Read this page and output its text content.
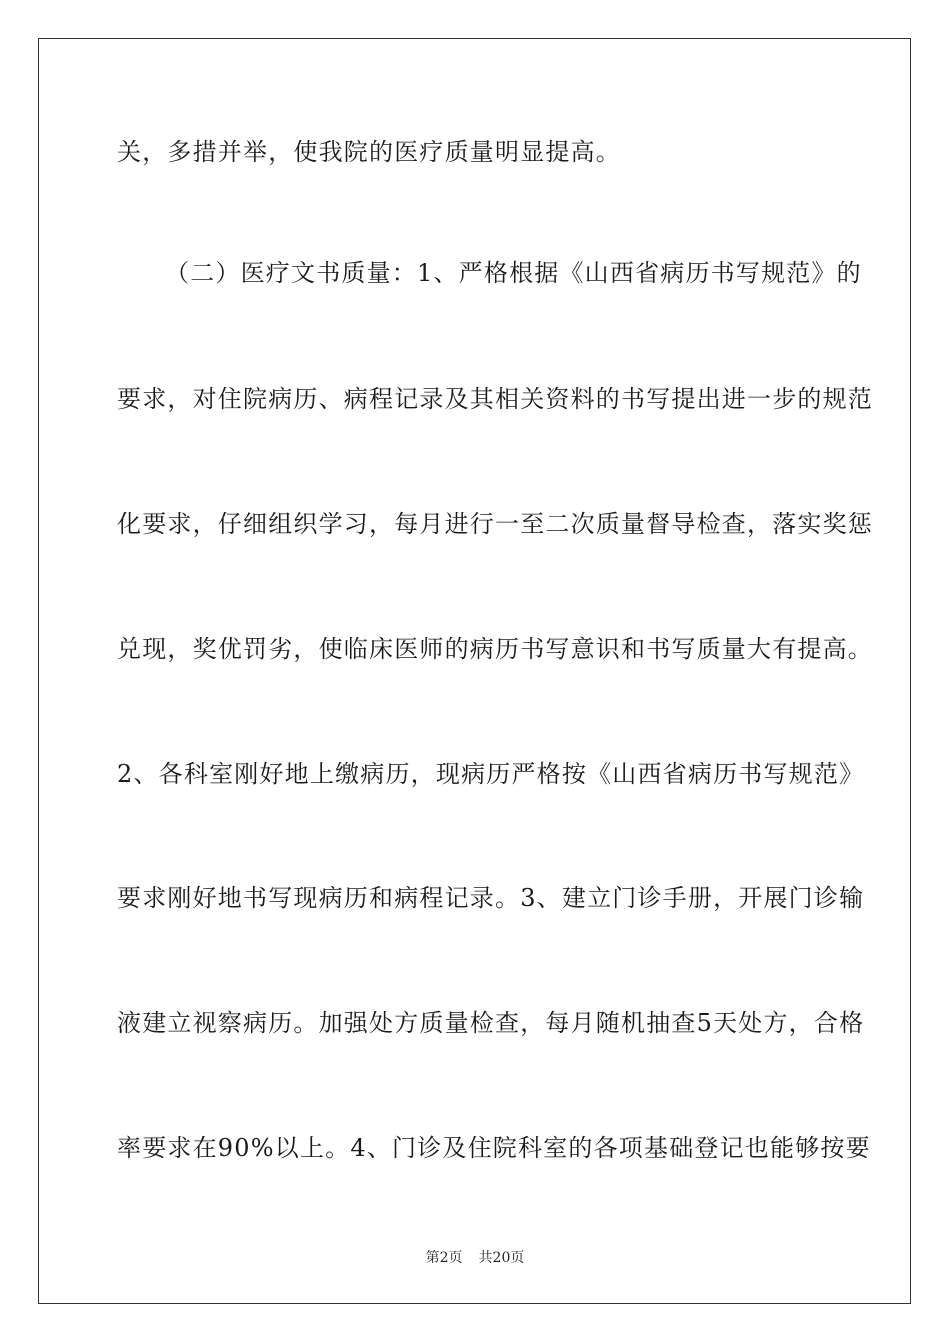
关，多措并举，使我院的医疗质量明显提高。
（二）医疗文书质量：1、严格根据《山西省病历书写规范》的
要求，对住院病历、病程记录及其相关资料的书写提出进一步的规范
化要求，仔细组织学习，每月进行一至二次质量督导检查，落实奖惩
兑现，奖优罚劣，使临床医师的病历书写意识和书写质量大有提高。
2、各科室刚好地上缴病历，现病历严格按《山西省病历书写规范》
要求刚好地书写现病历和病程记录。3、建立门诊手册，开展门诊输
液建立视察病历。加强处方质量检查，每月随机抽查5天处方，合格
率要求在90%以上。4、门诊及住院科室的各项基础登记也能够按要
第2页 共20页
